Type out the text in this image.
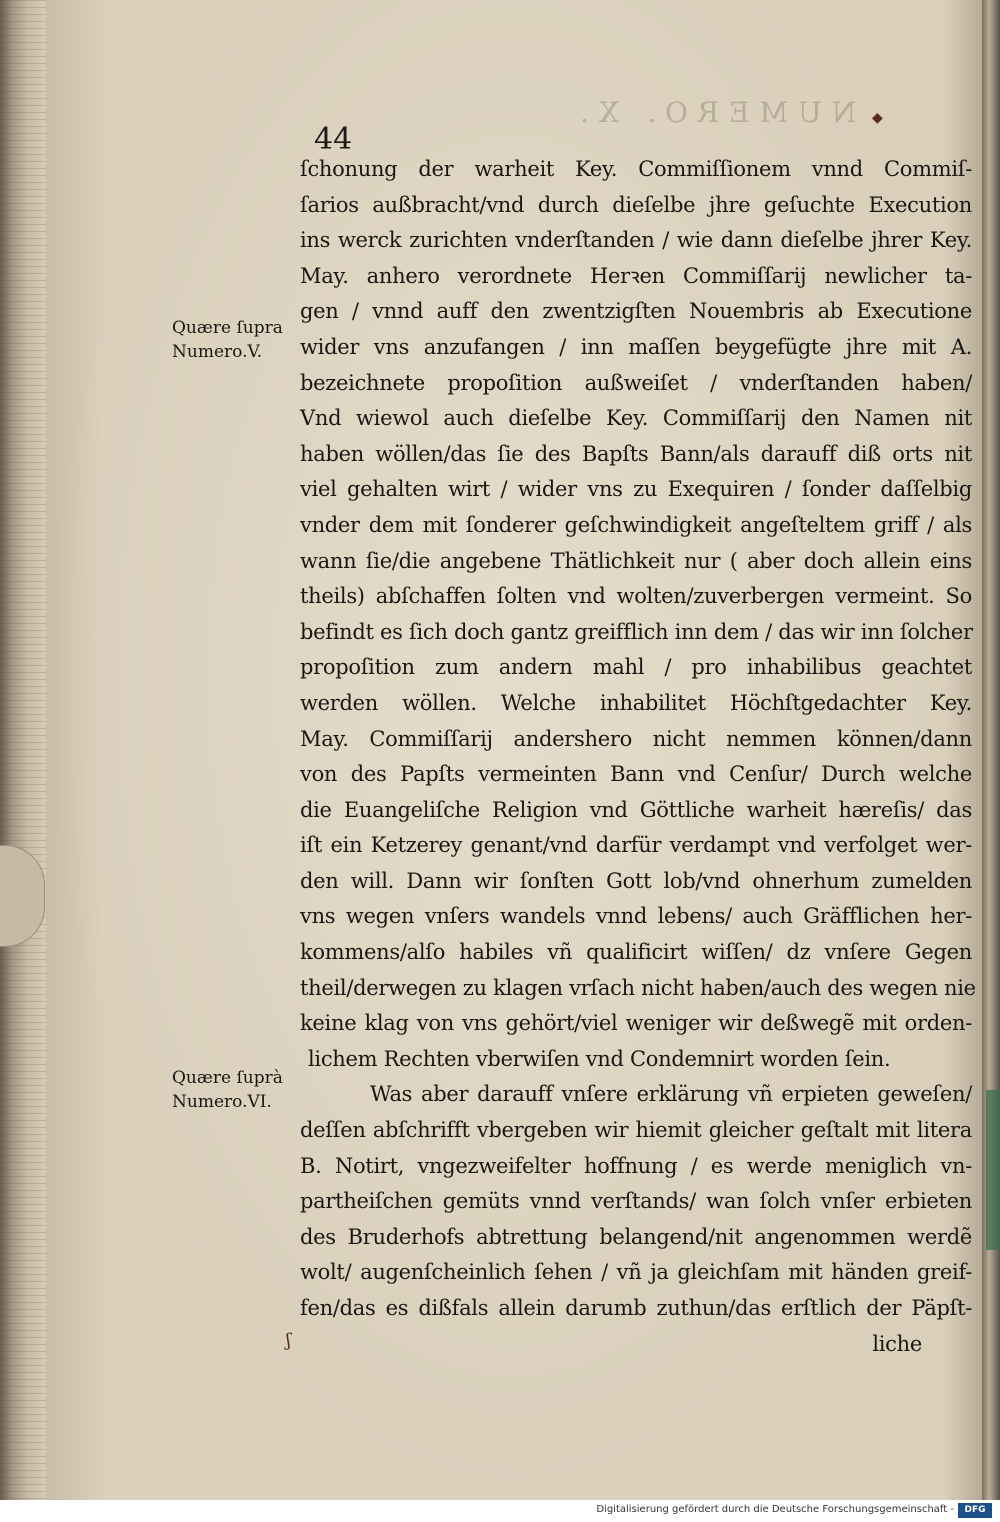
NUMERO. X.
44
◆
ʃ
Quære ſupra
Numero.V.
Quære ſuprà
Numero.VI.
ſchonung der warheit Key. Commiſſionem vnnd Commiſ-
ſarios außbracht/vnd durch dieſelbe jhre geſuchte Execution
ins werck zurichten vnderſtanden / wie dann dieſelbe jhrer Key.
May. anhero verordnete Herꝛen Commiſſarij newlicher ta-
gen / vnnd auff den zwentzigſten Nouembris ab Executione
wider vns anzufangen / inn maſſen beygefügte jhre mit A.
bezeichnete propoſition außweiſet / vnderſtanden haben/
Vnd wiewol auch dieſelbe Key. Commiſſarij den Namen nit
haben wöllen/das ſie des Bapſts Bann/als darauff diß orts nit
viel gehalten wirt / wider vns zu Exequiren / ſonder daſſelbig
vnder dem mit ſonderer geſchwindigkeit angeſteltem griff / als
wann ſie/die angebene Thätlichkeit nur ( aber doch allein eins
theils) abſchaffen ſolten vnd wolten/zuverbergen vermeint. So
befindt es ſich doch gantz greifflich inn dem / das wir inn ſolcher
propoſition zum andern mahl / pro inhabilibus geachtet
werden wöllen. Welche inhabilitet Höchſtgedachter Key.
May. Commiſſarij andershero nicht nemmen können/dann
von des Papſts vermeinten Bann vnd Cenſur/ Durch welche
die Euangeliſche Religion vnd Göttliche warheit hæreſis/ das
iſt ein Ketzerey genant/vnd darfür verdampt vnd verfolget wer-
den will. Dann wir ſonſten Gott lob/vnd ohnerhum zumelden
vns wegen vnſers wandels vnnd lebens/ auch Gräfflichen her-
kommens/alſo habiles vñ qualificirt wiſſen/ dz vnſere Gegen
theil/derwegen zu klagen vrſach nicht haben/auch des wegen nie
keine klag von vns gehört/viel weniger wir deßwegẽ mit orden-
lichem Rechten vberwiſen vnd Condemnirt worden ſein.
Was aber darauff vnſere erklärung vñ erpieten geweſen/
deſſen abſchrifft vbergeben wir hiemit gleicher geſtalt mit litera
B. Notirt, vngezweifelter hoffnung / es werde meniglich vn-
partheiſchen gemüts vnnd verſtands/ wan ſolch vnſer erbieten
des Bruderhofs abtrettung belangend/nit angenommen werdẽ
wolt/ augenſcheinlich ſehen / vñ ja gleichſam mit händen greif-
fen/das es dißfals allein darumb zuthun/das erſtlich der Päpſt-
liche
Digitalisierung gefördert durch die Deutsche Forschungsgemeinschaft -	DFG
